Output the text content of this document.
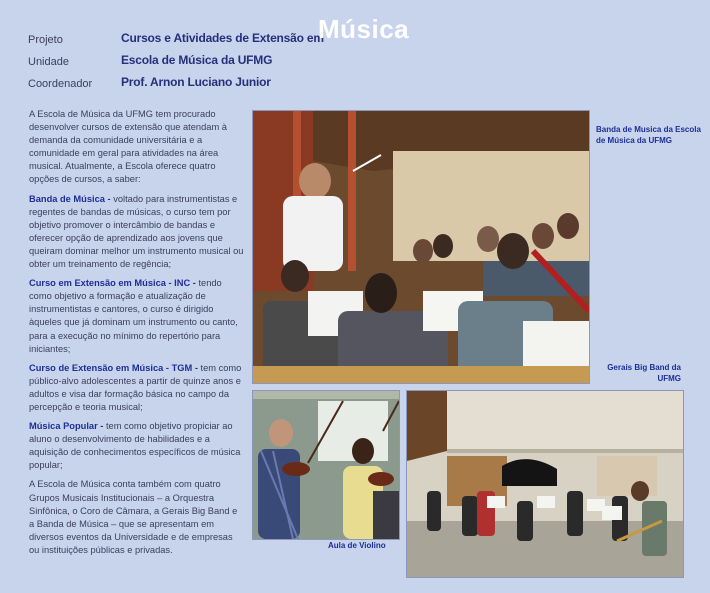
Projeto	Cursos e Atividades de Extensão em
Música
Unidade	Escola de Música da UFMG
Coordenador Prof. Arnon Luciano Junior

A Escola de Música da UFMG tem procurado desenvolver cursos de extensão que atendam à demanda da comunidade universitária e a comunidade em geral para atividades na área musical. Atualmente, a Escola oferece quatro opções de cursos, a saber:

Banda de Música - voltado para instrumentistas e regentes de bandas de músicas, o curso tem por objetivo promover o intercâmbio de bandas e oferecer opção de aprendizado aos jovens que queiram dominar melhor um instrumento musical ou obter um treinamento de regência;

Curso em Extensão em Música - INC - tendo como objetivo a formação e atualização de instrumentistas e cantores, o curso é dirigido àqueles que já dominam um instrumento ou canto, para a execução no mínimo do repertório para iniciantes;

Curso de Extensão em Música - TGM - tem como público-alvo adolescentes a partir de quinze anos e adultos e visa dar formação básica no campo da percepção e teoria musical;

Música Popular - tem como objetivo propiciar ao aluno o desenvolvimento de habilidades e a aquisição de conhecimentos específicos de música popular;

A Escola de Música conta também com quatro Grupos Musicais Institucionais – a Orquestra Sinfônica, o Coro de Câmara, a Gerais Big Band e a Banda de Música – que se apresentam em diversos eventos da Universidade e de empresas ou instituições públicas e privadas.

Banda de Musica da Escola de Música da UFMG
Gerais Big Band da UFMG
Aula de Violino
